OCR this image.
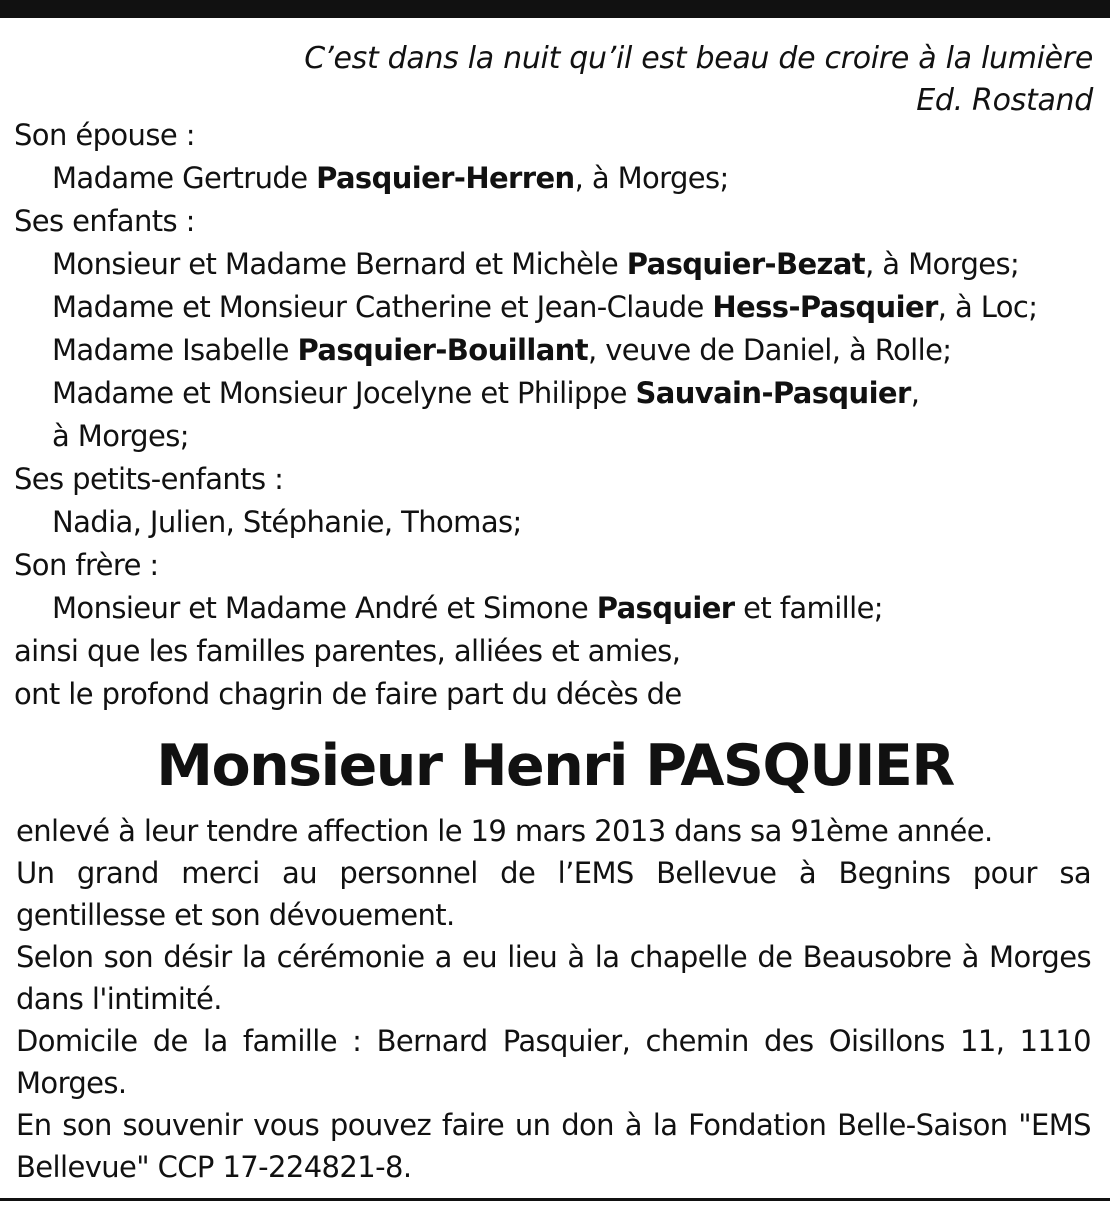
C’est dans la nuit qu’il est beau de croire à la lumière
Ed. Rostand
Son épouse :
Madame Gertrude Pasquier-Herren, à Morges;
Ses enfants :
Monsieur et Madame Bernard et Michèle Pasquier-Bezat, à Morges;
Madame et Monsieur Catherine et Jean-Claude Hess-Pasquier, à Loc;
Madame Isabelle Pasquier-Bouillant, veuve de Daniel, à Rolle;
Madame et Monsieur Jocelyne et Philippe Sauvain-Pasquier,
à Morges;
Ses petits-enfants :
Nadia, Julien, Stéphanie, Thomas;
Son frère :
Monsieur et Madame André et Simone Pasquier et famille;
ainsi que les familles parentes, alliées et amies,
ont le profond chagrin de faire part du décès de
Monsieur Henri PASQUIER

enlevé à leur tendre affection le 19 mars 2013 dans sa 91ème année.

Un grand merci au personnel de l’EMS Bellevue à Begnins pour sa gentillesse et son dévouement.

Selon son désir la cérémonie a eu lieu à la chapelle de Beausobre à Morges dans l'intimité.

Domicile de la famille : Bernard Pasquier, chemin des Oisillons 11, 1110 Morges.

En son souvenir vous pouvez faire un don à la Fondation Belle-Saison "EMS Bellevue" CCP 17-224821-8.
